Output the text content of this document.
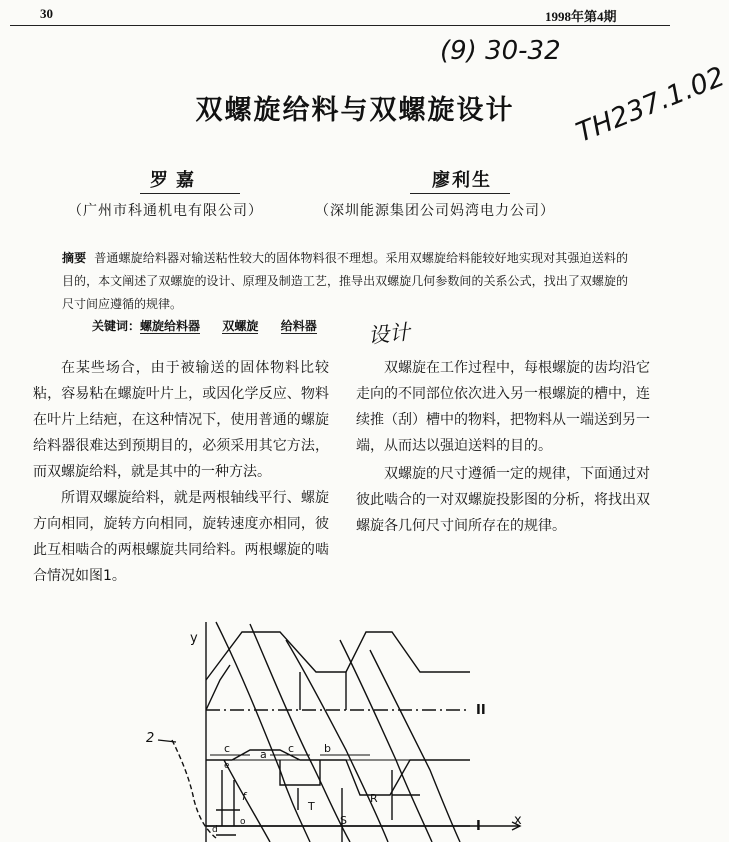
30	1998年第4期
(9) 30-32
TH237.1.02
双螺旋给料与双螺旋设计
罗嘉	廖利生
（广州市科通机电有限公司）	（深圳能源集团公司妈湾电力公司）
摘要 普通螺旋给料器对输送粘性较大的固体物料很不理想。采用双螺旋给料能较好地实现对其强迫送料的目的，本文阐述了双螺旋的设计、原理及制造工艺，推导出双螺旋几何参数间的关系公式，找出了双螺旋的尺寸间应遵循的规律。
关键词：螺旋给料器 双螺旋 给料器 设计

在某些场合，由于被输送的固体物料比较粘，容易粘在螺旋叶片上，或因化学反应、物料在叶片上结疤，在这种情况下，使用普通的螺旋给料器很难达到预期目的，必须采用其它方法，而双螺旋给料，就是其中的一种方法。

所谓双螺旋给料，就是两根轴线平行、螺旋方向相同，旋转方向相同，旋转速度亦相同，彼此互相啮合的两根螺旋共同给料。两根螺旋的啮合情况如图1。

双螺旋在工作过程中，每根螺旋的齿均沿它走向的不同部位依次进入另一根螺旋的槽中，连续推（刮）槽中的物料，把物料从一端送到另一端，从而达以强迫送料的目的。

双螺旋的尺寸遵循一定的规律，下面通过对彼此啮合的一对双螺旋投影图的分析，将找出双螺旋各几何尺寸间所存在的规律。

y
x
II
I
2
c	a c	b
R
S
T
e
f
d
o
